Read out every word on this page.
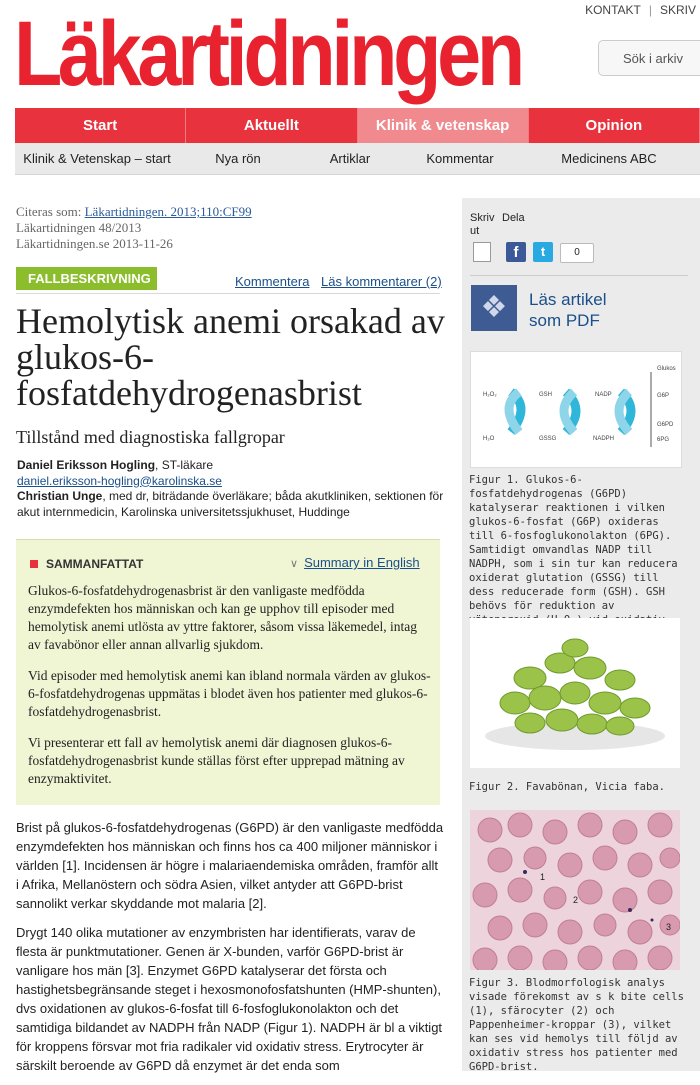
KONTAKT | SKRIV
Läkartidningen	Sök i arkiv
Start	Aktuellt	Klinik & vetenskap	Opinion
Klinik & Vetenskap – start	Nya rön	Artiklar	Kommentar	Medicinens ABC
Citeras som: Läkartidningen. 2013;110:CF99
Läkartidningen 48/2013
Läkartidningen.se 2013-11-26
FALLBESKRIVNING	Kommentera Läs kommentarer (2)
Hemolytisk anemi orsakad av glukos-6-fosfatdehydrogenasbrist
Tillstånd med diagnostiska fallgropar
Daniel Eriksson Hogling, ST-läkare
daniel.eriksson-hogling@karolinska.se
Christian Unge, med dr, biträdande överläkare; båda akutkliniken, sektionen för akut internmedicin, Karolinska universitetssjukhuset, Huddinge
SAMMANFATTAT	∨ Summary in English

Glukos-6-fosfatdehydrogenasbrist är den vanligaste medfödda enzymdefekten hos människan och kan ge upphov till episoder med hemolytisk anemi utlösta av yttre faktorer, såsom vissa läkemedel, intag av favabönor eller annan allvarlig sjukdom.

Vid episoder med hemolytisk anemi kan ibland normala värden av glukos-6-fosfatdehydrogenas uppmätas i blodet även hos patienter med glukos-6-fosfatdehydrogenasbrist.

Vi presenterar ett fall av hemolytisk anemi där diagnosen glukos-6-fosfatdehydrogenasbrist kunde ställas först efter upprepad mätning av enzymaktivitet.

Brist på glukos-6-fosfatdehydrogenas (G6PD) är den vanligaste medfödda enzymdefekten hos människan och finns hos ca 400 miljoner människor i världen [1]. Incidensen är högre i malariaendemiska områden, framför allt i Afrika, Mellanöstern och södra Asien, vilket antyder att G6PD-brist sannolikt verkar skyddande mot malaria [2].

Drygt 140 olika mutationer av enzymbristen har identifierats, varav de flesta är punktmutationer. Genen är X-bunden, varför G6PD-brist är vanligare hos män [3]. Enzymet G6PD katalyserar det första och hastighetsbegränsande steget i hexosmonofosfatshunten (HMP-shunten), dvs oxidationen av glukos-6-fosfat till 6-fosfoglukonolakton och det samtidiga bildandet av NADPH från NADP (Figur 1). NADPH är bl a viktigt för kroppens försvar mot fria radikaler vid oxidativ stress. Erytrocyter är särskilt beroende av G6PD då enzymet är det enda som

Skriv ut
Dela
f	t	0
❖	Läs artikel som PDF
Glukos
G6P
G6PD
6PG
H₂O₂
H₂O
GSH
GSSG
NADP
NADPH
Figur 1. Glukos-6-fosfatdehydrogenas (G6PD) katalyserar reaktionen i vilken glukos-6-fosfat (G6P) oxideras till 6-fosfoglukonolakton (6PG). Samtidigt omvandlas NADP till NADPH, som i sin tur kan reducera oxiderat glutation (GSSG) till dess reducerade form (GSH). GSH behövs för reduktion av
Figur 2. Favabönan, Vicia faba.
1
2
3
Figur 3. Blodmorfologisk analys visade förekomst av s k bite cells (1), sfärocyter (2) och Pappenheimer-kroppar (3), vilket kan ses vid hemolys till följd av oxidativ stress hos patienter med G6PD-brist.
